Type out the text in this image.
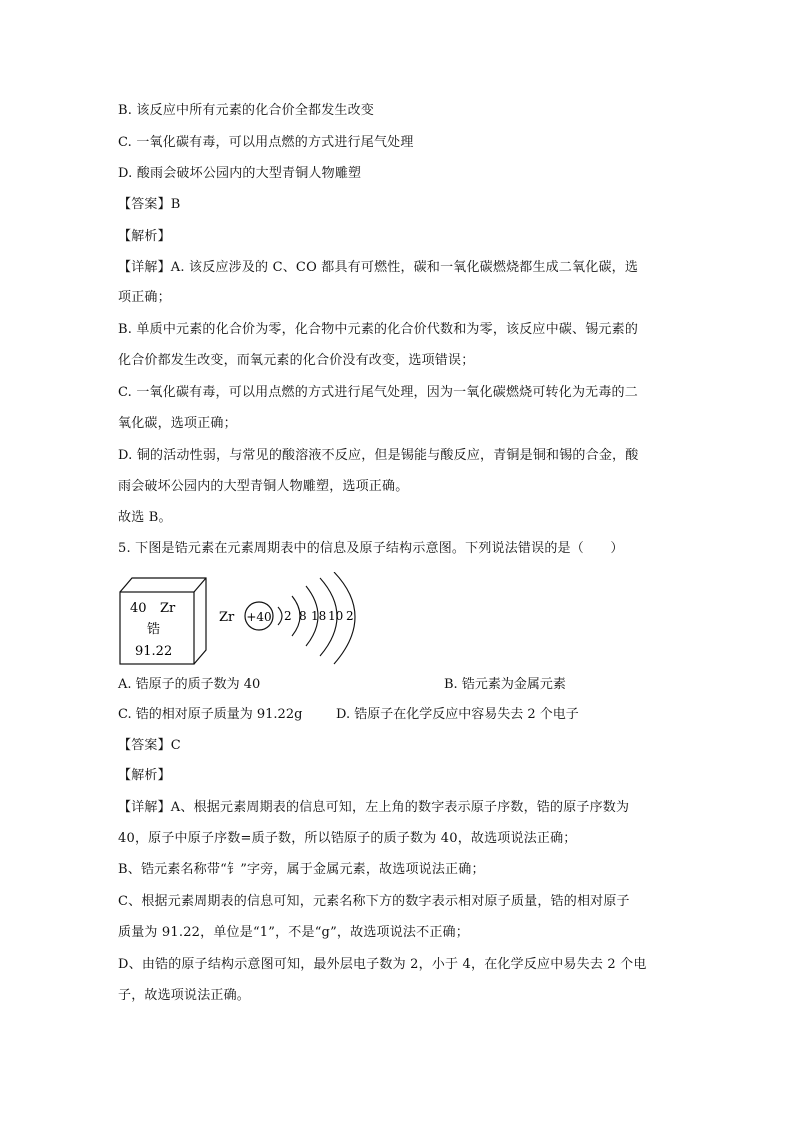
B. 该反应中所有元素的化合价全都发生改变
C. 一氧化碳有毒，可以用点燃的方式进行尾气处理
D. 酸雨会破坏公园内的大型青铜人物雕塑
【答案】B
【解析】
【详解】A. 该反应涉及的 C、CO 都具有可燃性，碳和一氧化碳燃烧都生成二氧化碳，选
项正确；
B. 单质中元素的化合价为零，化合物中元素的化合价代数和为零，该反应中碳、锡元素的
化合价都发生改变，而氧元素的化合价没有改变，选项错误；
C. 一氧化碳有毒，可以用点燃的方式进行尾气处理，因为一氧化碳燃烧可转化为无毒的二
氧化碳，选项正确；
D. 铜的活动性弱，与常见的酸溶液不反应，但是锡能与酸反应，青铜是铜和锡的合金，酸
雨会破坏公园内的大型青铜人物雕塑，选项正确。
故选 B。
5. 下图是锆元素在元素周期表中的信息及原子结构示意图。下列说法错误的是（　　）
40 Zr
锆
91.22
Zr +40 2 8 18 10 2
A. 锆原子的质子数为 40	B. 锆元素为金属元素
C. 锆的相对原子质量为 91.22g	D. 锆原子在化学反应中容易失去 2 个电子
【答案】C
【解析】
【详解】A、根据元素周期表的信息可知，左上角的数字表示原子序数，锆的原子序数为
40，原子中原子序数=质子数，所以锆原子的质子数为 40，故选项说法正确；
B、锆元素名称带“钅”字旁，属于金属元素，故选项说法正确；
C、根据元素周期表的信息可知，元素名称下方的数字表示相对原子质量，锆的相对原子
质量为 91.22，单位是“1”，不是“g”，故选项说法不正确；
D、由锆的原子结构示意图可知，最外层电子数为 2，小于 4，在化学反应中易失去 2 个电
子，故选项说法正确。
